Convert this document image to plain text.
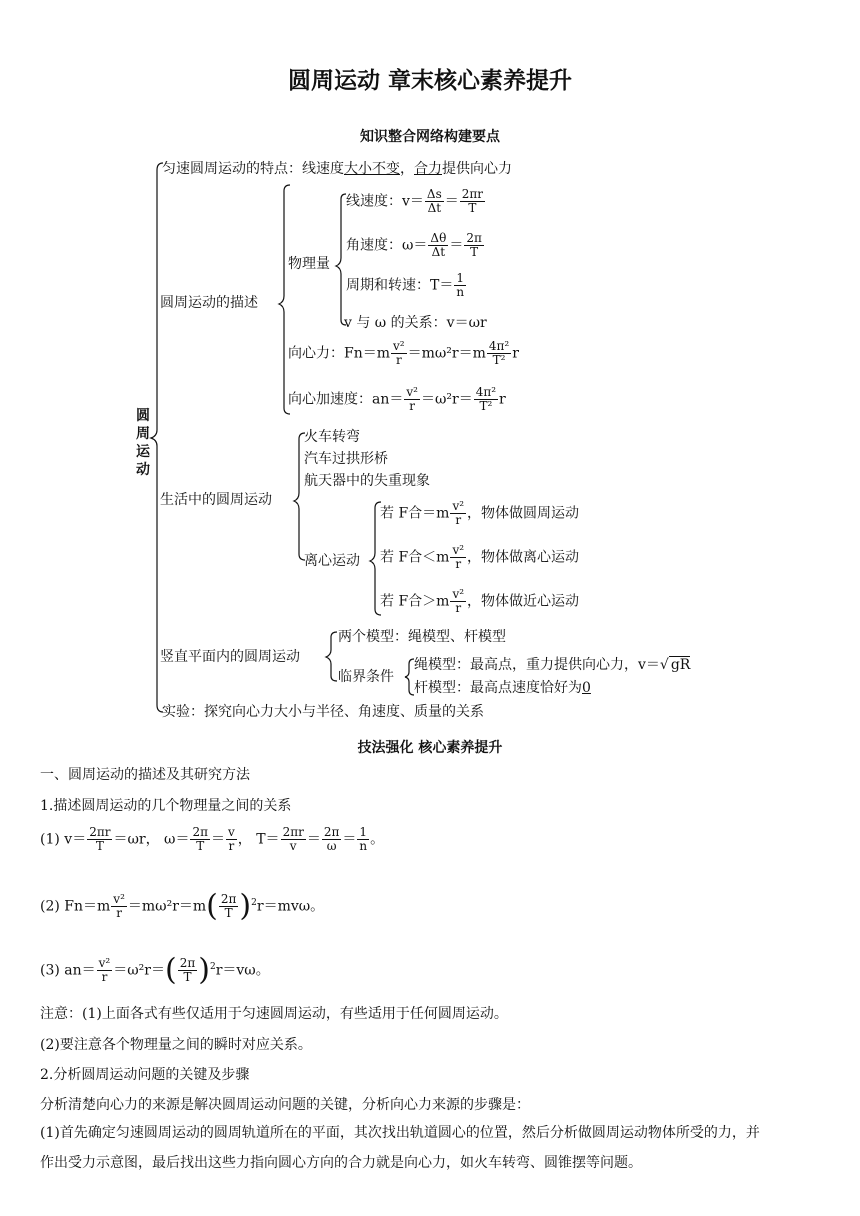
圆周运动 章末核心素养提升
知识整合网络构建要点
圆周运动
匀速圆周运动的特点：线速度大小不变，合力提供向心力
圆周运动的描述
物理量
线速度：$v= \frac{\Delta s}{\Delta t} = \frac{2\pi r}{T}$
角速度：$\omega= \frac{\Delta\theta}{\Delta t} = \frac{2\pi}{T}$
周期和转速：$T= \frac{1}{n}$
v 与 ω 的关系：v＝ωr
向心力：$Fn=m \frac{\text{v²}}{r} =m\omega^2r=m \frac{\text{4π²}}{\text{T²}}$ r
向心加速度：$an= \frac{\text{v²}}{r} =\omega^2r= \frac{\text{4π²}}{\text{T²}}$ r
生活中的圆周运动
火车转弯
汽车过拱形桥
航天器中的失重现象
离心运动
若 F合$=m \frac{\text{v²}}{r}$ ，物体做圆周运动
若 F合$<m \frac{\text{v²}}{r}$ ，物体做离心运动
若 F合$>m \frac{\text{v²}}{r}$ ，物体做近心运动
竖直平面内的圆周运动
两个模型：绳模型、杆模型
临界条件
绳模型：最高点，重力提供向心力，v＝√ gR
杆模型：最高点速度恰好为0
实验：探究向心力大小与半径、角速度、质量的关系
技法强化 核心素养提升
一、圆周运动的描述及其研究方法
1.描述圆周运动的几个物理量之间的关系
(1) $v= \frac{2\pi r}{T} =\omega r$， $\omega= \frac{2\pi}{T} = \frac{v}{r}$ ， $T= \frac{2\pi r}{v} = \frac{2\pi}{\omega} = \frac{1}{n}$ 。
(2) $Fn=m \frac{\text{v²}}{r} =m\omega^2r=m( \frac{2\pi}{T} )^2r=mv\omega$。
(3) $an= \frac{\text{v²}}{r} =\omega^2r=( \frac{2\pi}{T} )^2r=v\omega$。
注意：(1)上面各式有些仅适用于匀速圆周运动，有些适用于任何圆周运动。
(2)要注意各个物理量之间的瞬时对应关系。
2.分析圆周运动问题的关键及步骤
分析清楚向心力的来源是解决圆周运动问题的关键，分析向心力来源的步骤是：
(1)首先确定匀速圆周运动的圆周轨道所在的平面，其次找出轨道圆心的位置，然后分析做圆周运动物体所受的力，并
作出受力示意图，最后找出这些力指向圆心方向的合力就是向心力，如火车转弯、圆锥摆等问题。
